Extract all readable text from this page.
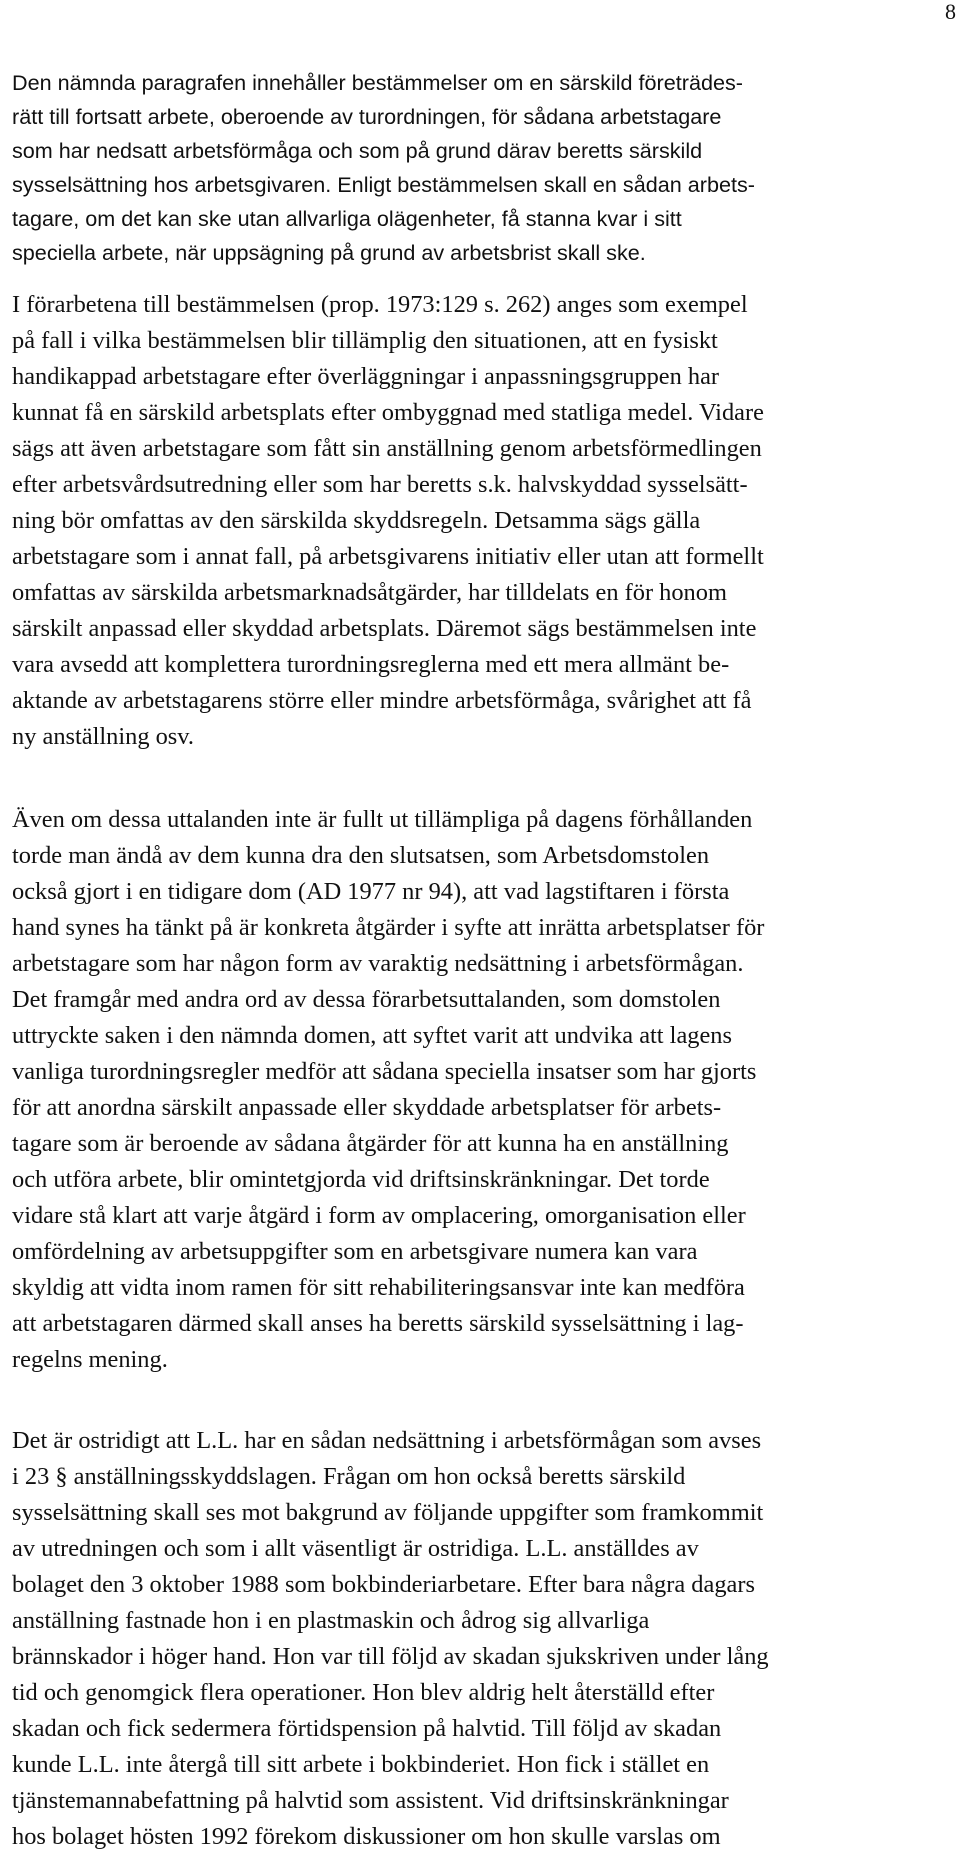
8
Den nämnda paragrafen innehåller bestämmelser om en särskild företrädes-
rätt till fortsatt arbete, oberoende av turordningen, för sådana arbetstagare
som har nedsatt arbetsförmåga och som på grund därav beretts särskild
sysselsättning hos arbetsgivaren. Enligt bestämmelsen skall en sådan arbets-
tagare, om det kan ske utan allvarliga olägenheter, få stanna kvar i sitt
speciella arbete, när uppsägning på grund av arbetsbrist skall ske.
I förarbetena till bestämmelsen (prop. 1973:129 s. 262) anges som exempel
på fall i vilka bestämmelsen blir tillämplig den situationen, att en fysiskt
handikappad arbetstagare efter överläggningar i anpassningsgruppen har
kunnat få en särskild arbetsplats efter ombyggnad med statliga medel. Vidare
sägs att även arbetstagare som fått sin anställning genom arbetsförmedlingen
efter arbetsvårdsutredning eller som har beretts s.k. halvskyddad sysselsätt-
ning bör omfattas av den särskilda skyddsregeln. Detsamma sägs gälla
arbetstagare som i annat fall, på arbetsgivarens initiativ eller utan att formellt
omfattas av särskilda arbetsmarknadsåtgärder, har tilldelats en för honom
särskilt anpassad eller skyddad arbetsplats. Däremot sägs bestämmelsen inte
vara avsedd att komplettera turordningsreglerna med ett mera allmänt be-
aktande av arbetstagarens större eller mindre arbetsförmåga, svårighet att få
ny anställning osv.
Även om dessa uttalanden inte är fullt ut tillämpliga på dagens förhållanden
torde man ändå av dem kunna dra den slutsatsen, som Arbetsdomstolen
också gjort i en tidigare dom (AD 1977 nr 94), att vad lagstiftaren i första
hand synes ha tänkt på är konkreta åtgärder i syfte att inrätta arbetsplatser för
arbetstagare som har någon form av varaktig nedsättning i arbetsförmågan.
Det framgår med andra ord av dessa förarbetsuttalanden, som domstolen
uttryckte saken i den nämnda domen, att syftet varit att undvika att lagens
vanliga turordningsregler medför att sådana speciella insatser som har gjorts
för att anordna särskilt anpassade eller skyddade arbetsplatser för arbets-
tagare som är beroende av sådana åtgärder för att kunna ha en anställning
och utföra arbete, blir omintetgjorda vid driftsinskränkningar. Det torde
vidare stå klart att varje åtgärd i form av omplacering, omorganisation eller
omfördelning av arbetsuppgifter som en arbetsgivare numera kan vara
skyldig att vidta inom ramen för sitt rehabiliteringsansvar inte kan medföra
att arbetstagaren därmed skall anses ha beretts särskild sysselsättning i lag-
regelns mening.
Det är ostridigt att L.L. har en sådan nedsättning i arbetsförmågan som avses
i 23 § anställningsskyddslagen. Frågan om hon också beretts särskild
sysselsättning skall ses mot bakgrund av följande uppgifter som framkommit
av utredningen och som i allt väsentligt är ostridiga. L.L. anställdes av
bolaget den 3 oktober 1988 som bokbinderiarbetare. Efter bara några dagars
anställning fastnade hon i en plastmaskin och ådrog sig allvarliga
brännskador i höger hand. Hon var till följd av skadan sjukskriven under lång
tid och genomgick flera operationer. Hon blev aldrig helt återställd efter
skadan och fick sedermera förtidspension på halvtid. Till följd av skadan
kunde L.L. inte återgå till sitt arbete i bokbinderiet. Hon fick i stället en
tjänstemannabefattning på halvtid som assistent. Vid driftsinskränkningar
hos bolaget hösten 1992 förekom diskussioner om hon skulle varslas om
